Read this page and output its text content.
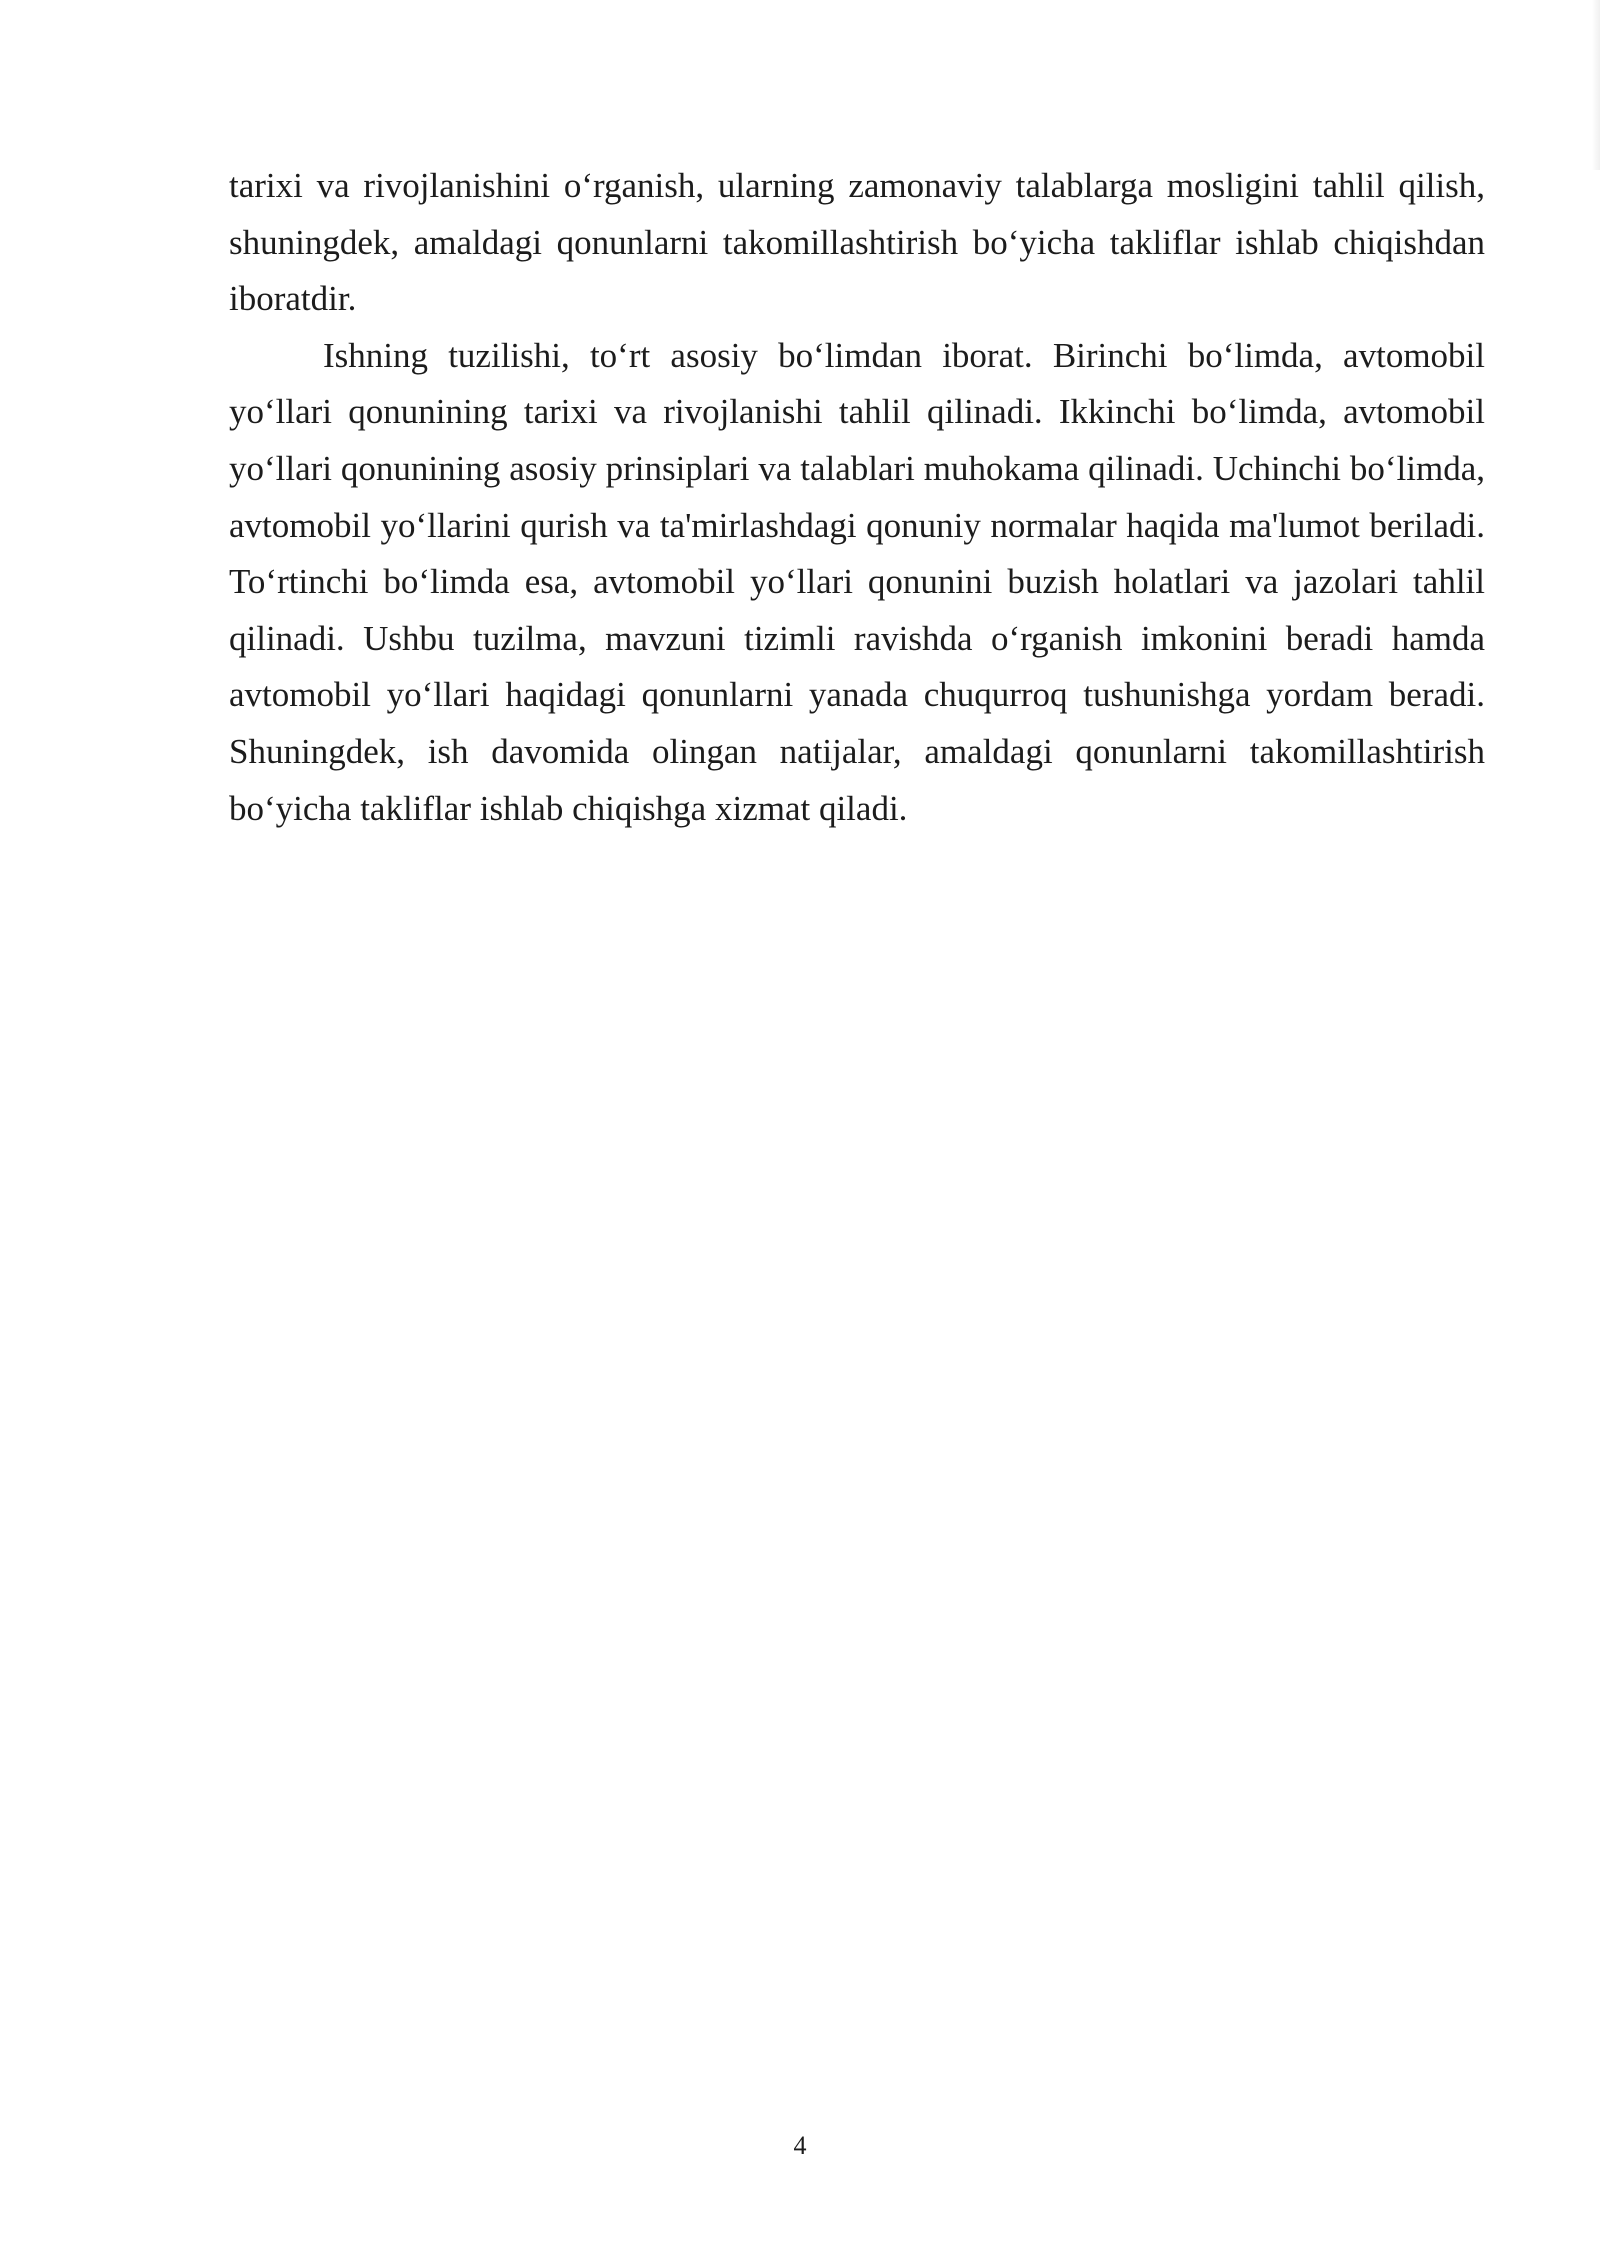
tarixi va rivojlanishini o‘rganish, ularning zamonaviy talablarga mosligini tahlil qilish, shuningdek, amaldagi qonunlarni takomillashtirish bo‘yicha takliflar ishlab chiqishdan iboratdir.

Ishning tuzilishi, to‘rt asosiy bo‘limdan iborat. Birinchi bo‘limda, avtomobil yo‘llari qonunining tarixi va rivojlanishi tahlil qilinadi. Ikkinchi bo‘limda, avtomobil yo‘llari qonunining asosiy prinsiplari va talablari muhokama qilinadi. Uchinchi bo‘limda, avtomobil yo‘llarini qurish va ta'mirlashdagi qonuniy normalar haqida ma'lumot beriladi. To‘rtinchi bo‘limda esa, avtomobil yo‘llari qonunini buzish holatlari va jazolari tahlil qilinadi. Ushbu tuzilma, mavzuni tizimli ravishda o‘rganish imkonini beradi hamda avtomobil yo‘llari haqidagi qonunlarni yanada chuqurroq tushunishga yordam beradi. Shuningdek, ish davomida olingan natijalar, amaldagi qonunlarni takomillashtirish bo‘yicha takliflar ishlab chiqishga xizmat qiladi.

4
